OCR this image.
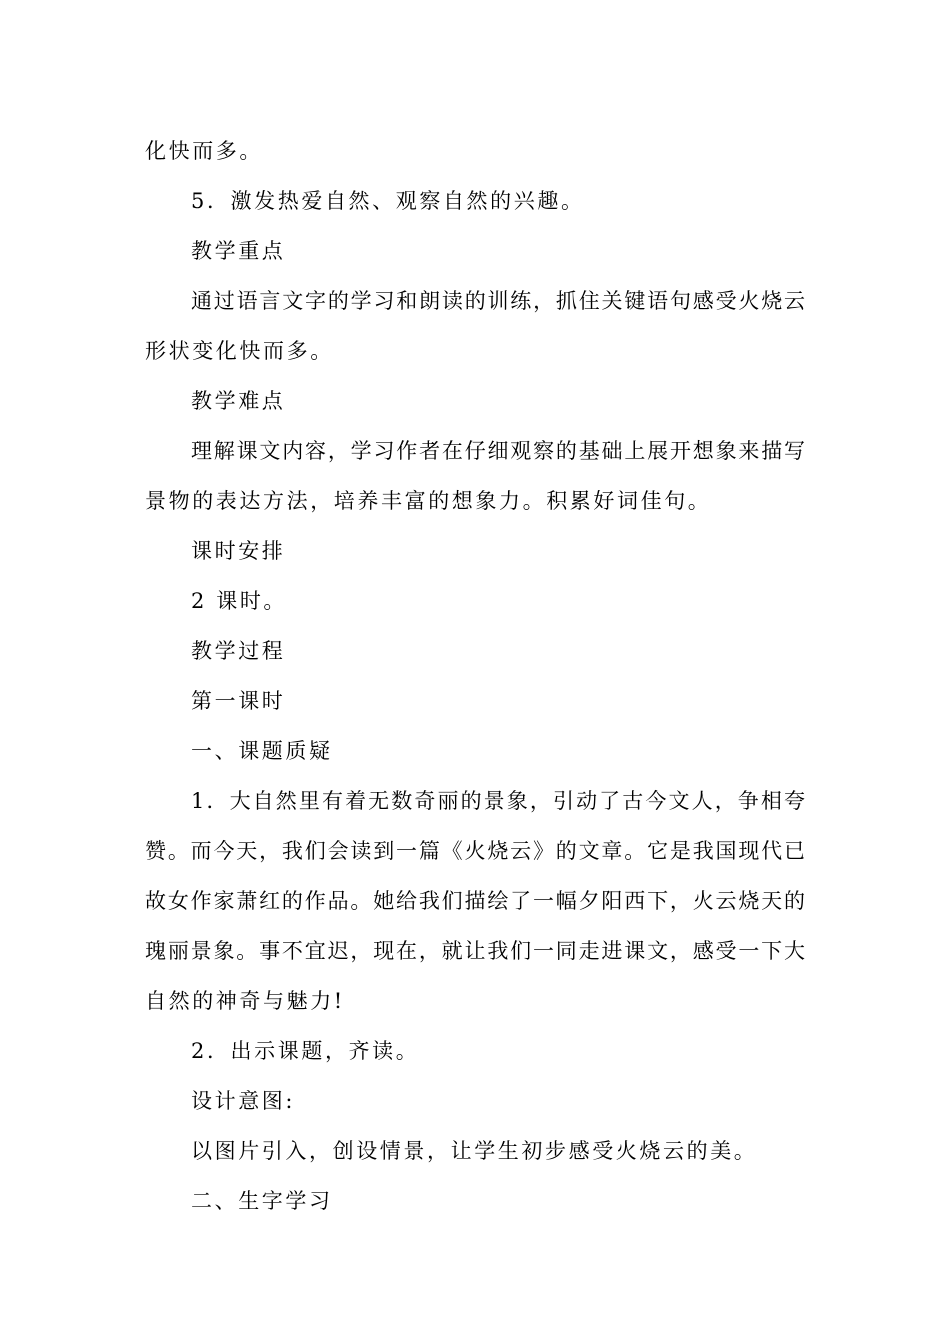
化快而多。

5．激发热爱自然、观察自然的兴趣。

教学重点

通过语言文字的学习和朗读的训练，抓住关键语句感受火烧云

形状变化快而多。

教学难点

理解课文内容，学习作者在仔细观察的基础上展开想象来描写

景物的表达方法，培养丰富的想象力。积累好词佳句。

课时安排

2 课时。

教学过程

第一课时

一、课题质疑

1．大自然里有着无数奇丽的景象，引动了古今文人，争相夸

赞。而今天，我们会读到一篇《火烧云》的文章。它是我国现代已

故女作家萧红的作品。她给我们描绘了一幅夕阳西下，火云烧天的

瑰丽景象。事不宜迟，现在，就让我们一同走进课文，感受一下大

自然的神奇与魅力!

2．出示课题，齐读。

设计意图:

以图片引入，创设情景，让学生初步感受火烧云的美。

二、生字学习
